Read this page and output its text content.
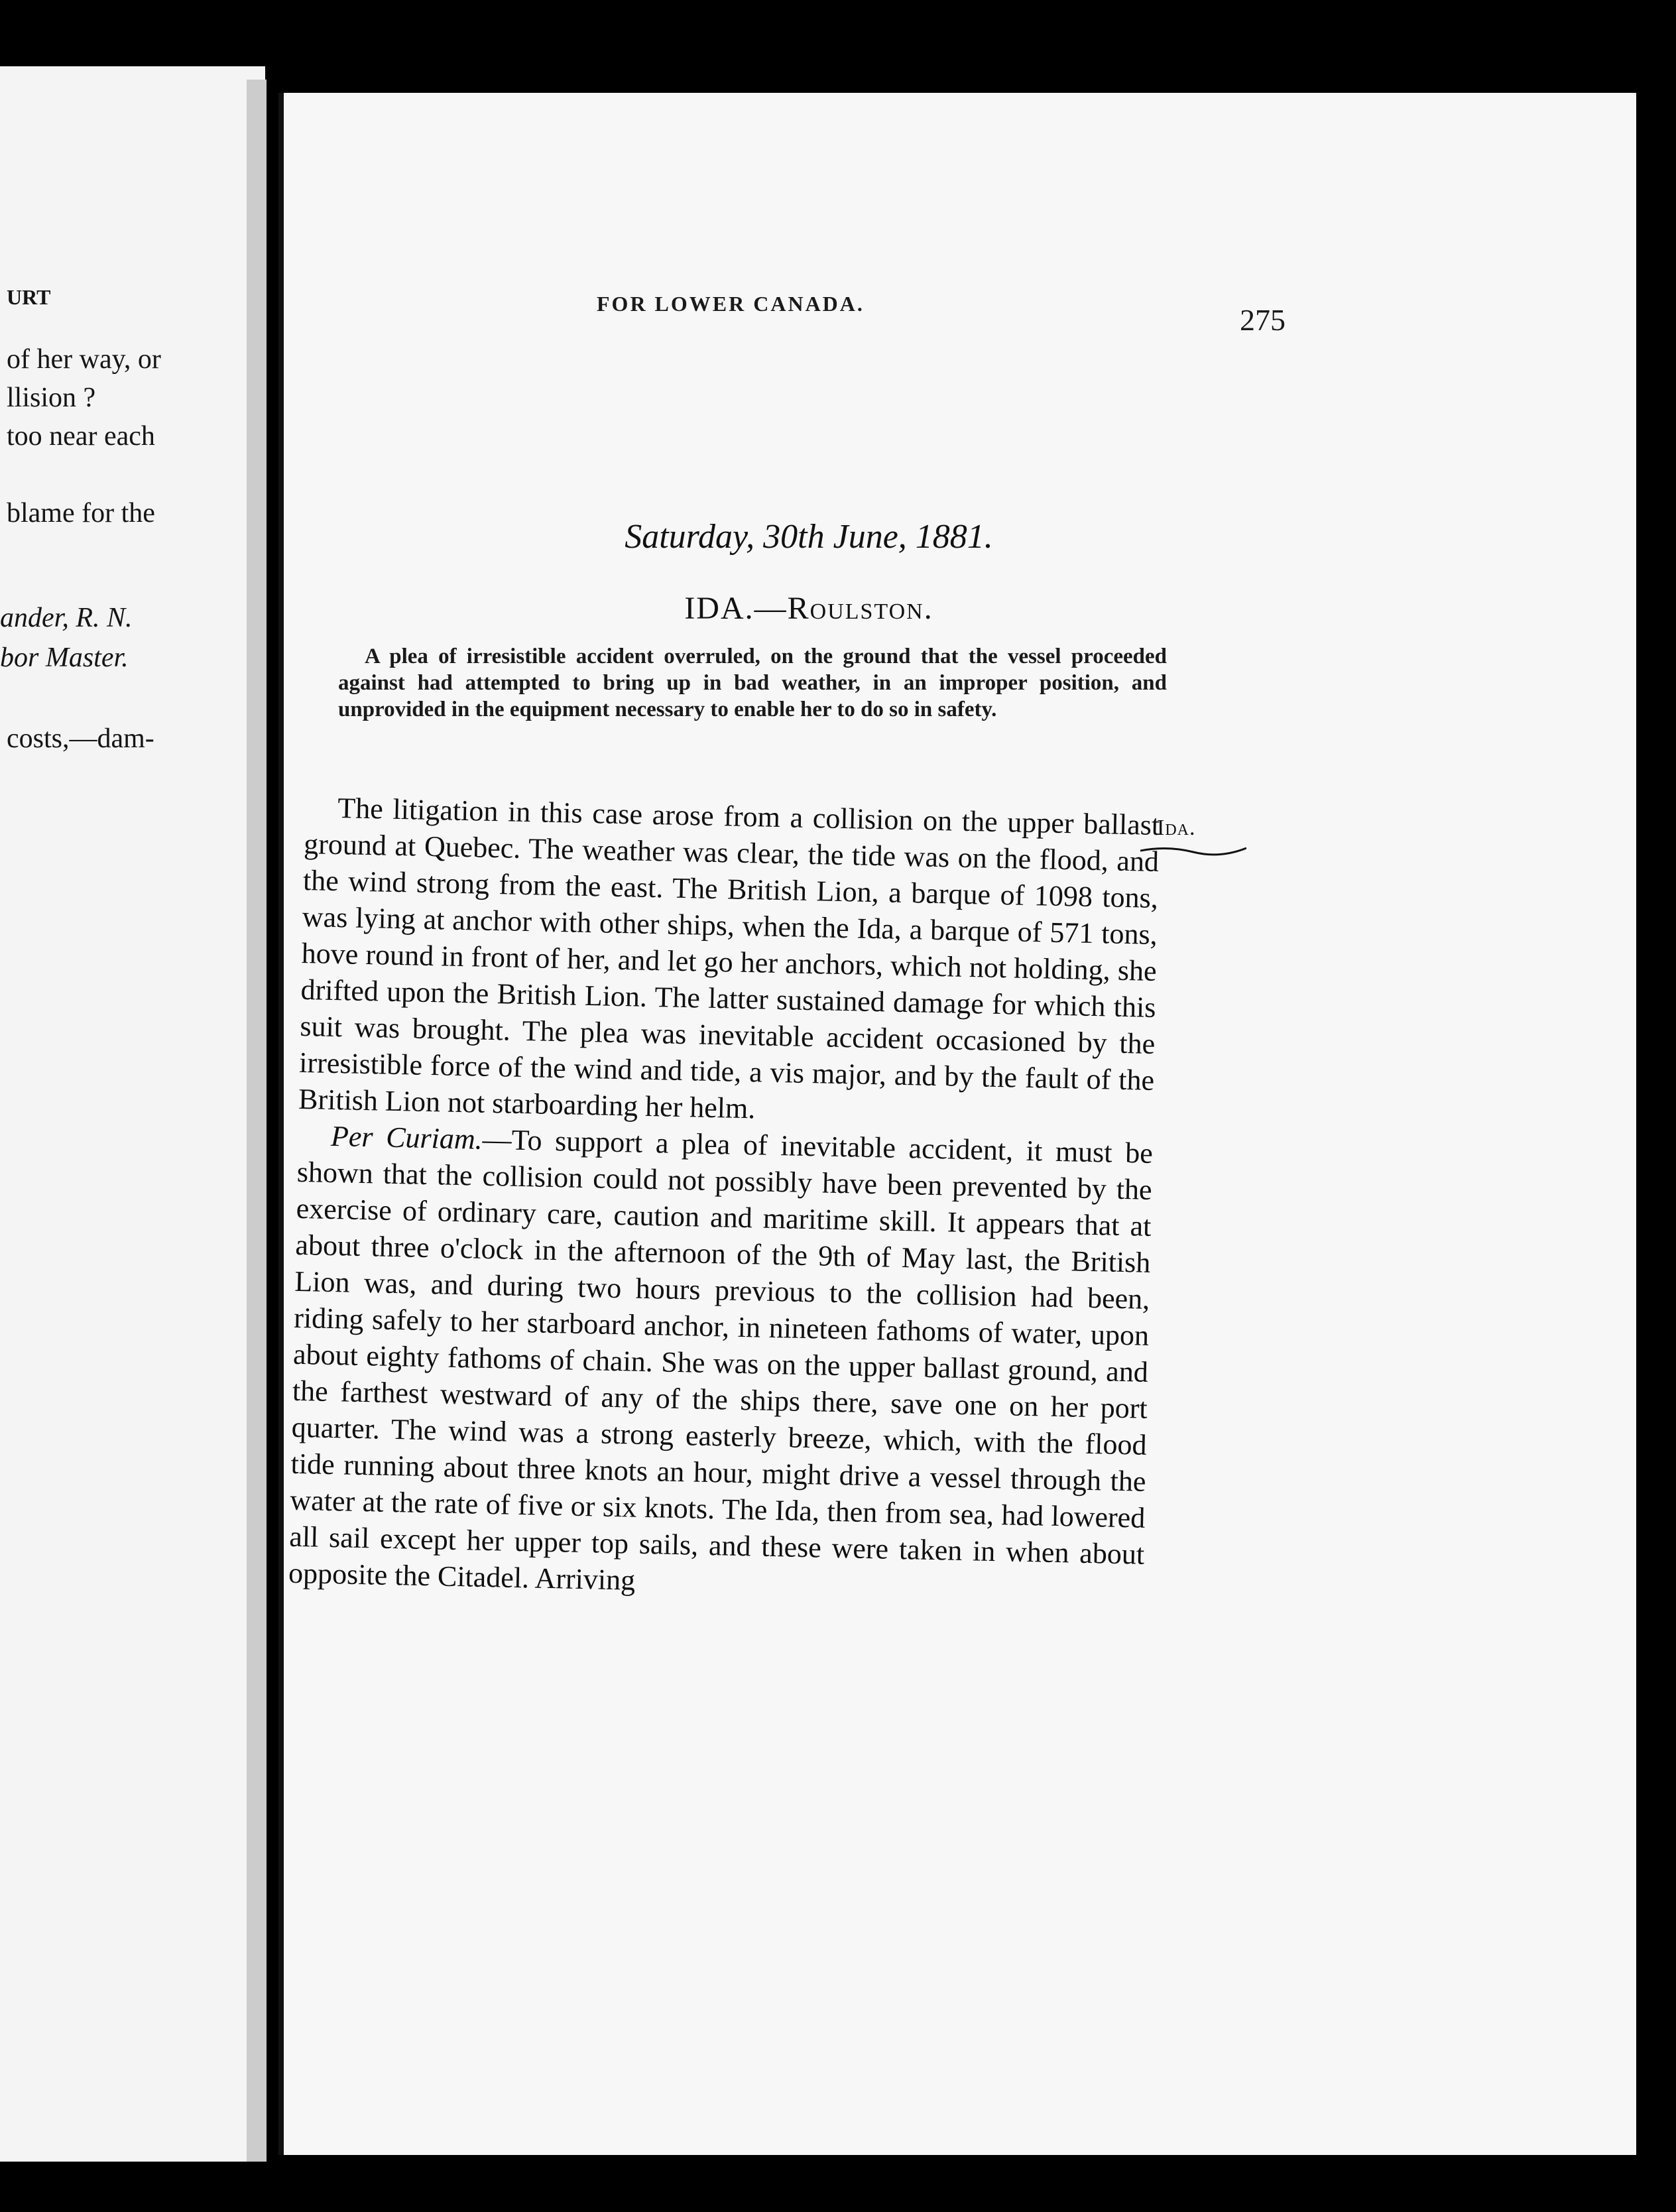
URT
of her way, or
llision ?
too near each
blame for the
ander, R. N.
bor Master.
costs,—dam-
FOR LOWER CANADA.	275
Saturday, 30th June, 1881.
IDA.—Roulston.
A plea of irresistible accident overruled, on the ground that the vessel proceeded against had attempted to bring up in bad weather, in an improper position, and unprovided in the equipment necessary to enable her to do so in safety.
Ida.

The litigation in this case arose from a collision on the upper ballast ground at Quebec. The weather was clear, the tide was on the flood, and the wind strong from the east. The British Lion, a barque of 1098 tons, was lying at anchor with other ships, when the Ida, a barque of 571 tons, hove round in front of her, and let go her anchors, which not holding, she drifted upon the British Lion. The latter sustained damage for which this suit was brought. The plea was inevitable accident occasioned by the irresistible force of the wind and tide, a vis major, and by the fault of the British Lion not starboarding her helm.

Per Curiam.—To support a plea of inevitable accident, it must be shown that the collision could not possibly have been prevented by the exercise of ordinary care, caution and maritime skill. It appears that at about three o'clock in the afternoon of the 9th of May last, the British Lion was, and during two hours previous to the collision had been, riding safely to her starboard anchor, in nineteen fathoms of water, upon about eighty fathoms of chain. She was on the upper ballast ground, and the farthest westward of any of the ships there, save one on her port quarter. The wind was a strong easterly breeze, which, with the flood tide running about three knots an hour, might drive a vessel through the water at the rate of five or six knots. The Ida, then from sea, had lowered all sail except her upper top sails, and these were taken in when about opposite the Citadel. Arriving
